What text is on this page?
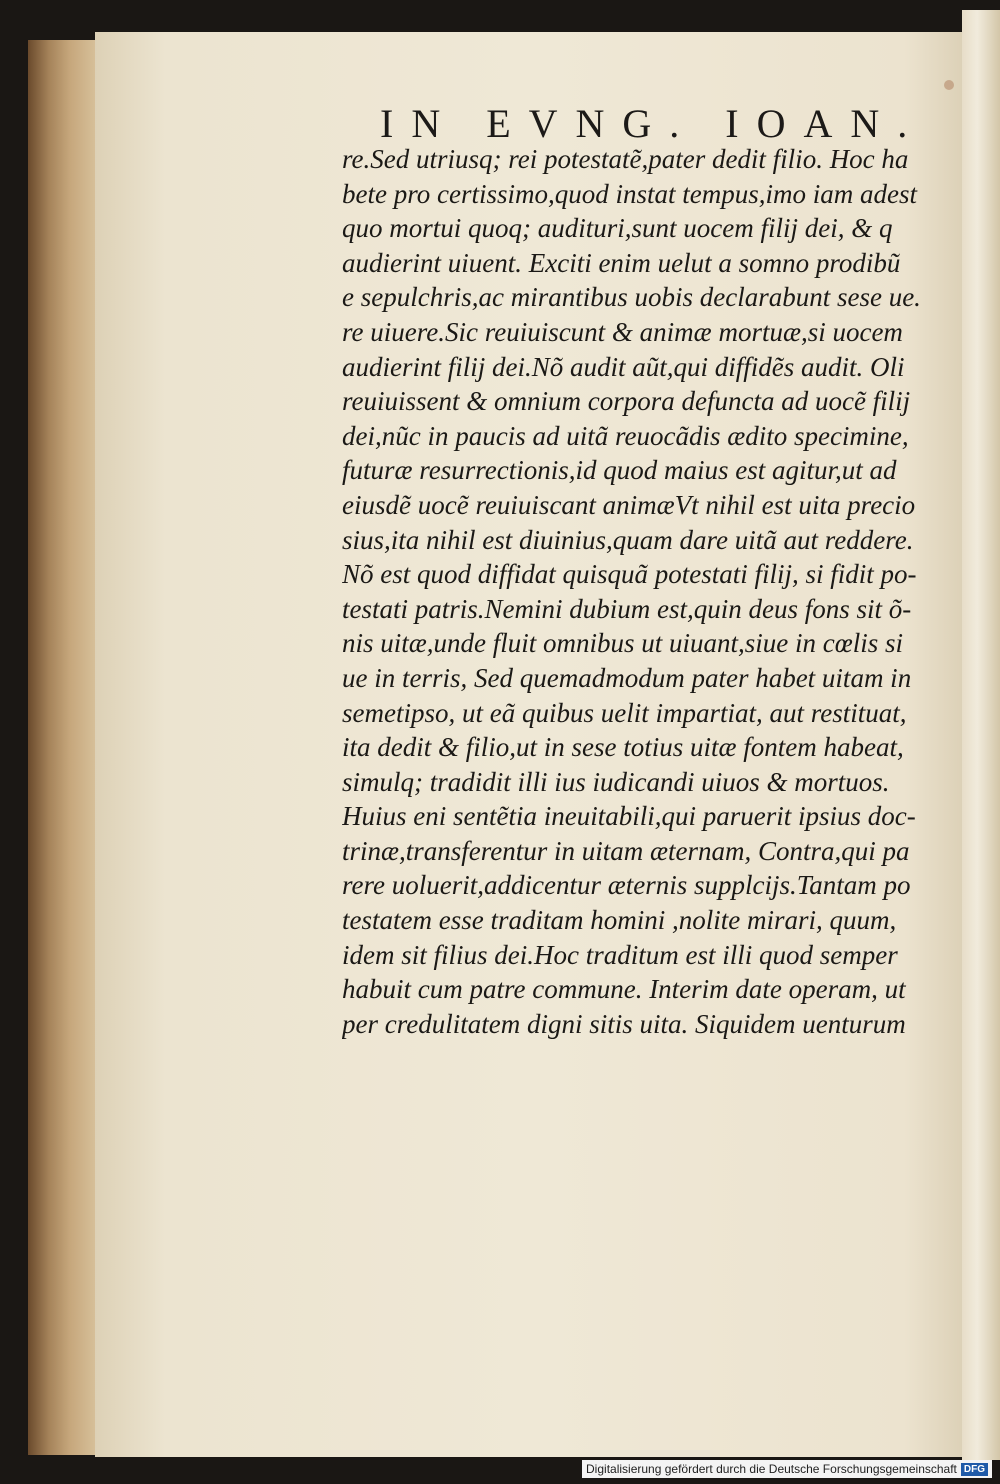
IN EVNG. IOAN.
re.Sed utriusq; rei potestatẽ,pater dedit filio. Hoc ha
bete pro certissimo,quod instat tempus,imo iam adest
quo mortui quoq; audituri,sunt uocem filij dei, & q
audierint uiuent. Exciti enim uelut a somno prodibũ
e sepulchris,ac mirantibus uobis declarabunt sese ue.
re uiuere.Sic reuiuiscunt & animæ mortuæ,si uocem
audierint filij dei.Nõ audit aũt,qui diffidẽs audit. Oli
reuiuissent & omnium corpora defuncta ad uocẽ filij
dei,nũc in paucis ad uitã reuocãdis ædito specimine,
futuræ resurrectionis,id quod maius est agitur,ut ad
eiusdẽ uocẽ reuiuiscant animæVt nihil est uita precio
sius,ita nihil est diuinius,quam dare uitã aut reddere.
Nõ est quod diffidat quisquã potestati filij, si fidit po-
testati patris.Nemini dubium est,quin deus fons sit õ-
nis uitæ,unde fluit omnibus ut uiuant,siue in cœlis si
ue in terris, Sed quemadmodum pater habet uitam in
semetipso, ut eã quibus uelit impartiat, aut restituat,
ita dedit & filio,ut in sese totius uitæ fontem habeat,
simulq; tradidit illi ius iudicandi uiuos & mortuos.
Huius eni sentẽtia ineuitabili,qui paruerit ipsius doc-
trinæ,transferentur in uitam æternam, Contra,qui pa
rere uoluerit,addicentur æternis supplcijs.Tantam po
testatem esse traditam homini ,nolite mirari, quum,
idem sit filius dei.Hoc traditum est illi quod semper
habuit cum patre commune. Interim date operam, ut
per credulitatem digni sitis uita. Siquidem uenturum
Digitalisierung gefördert durch die Deutsche Forschungsgemeinschaft DFG
